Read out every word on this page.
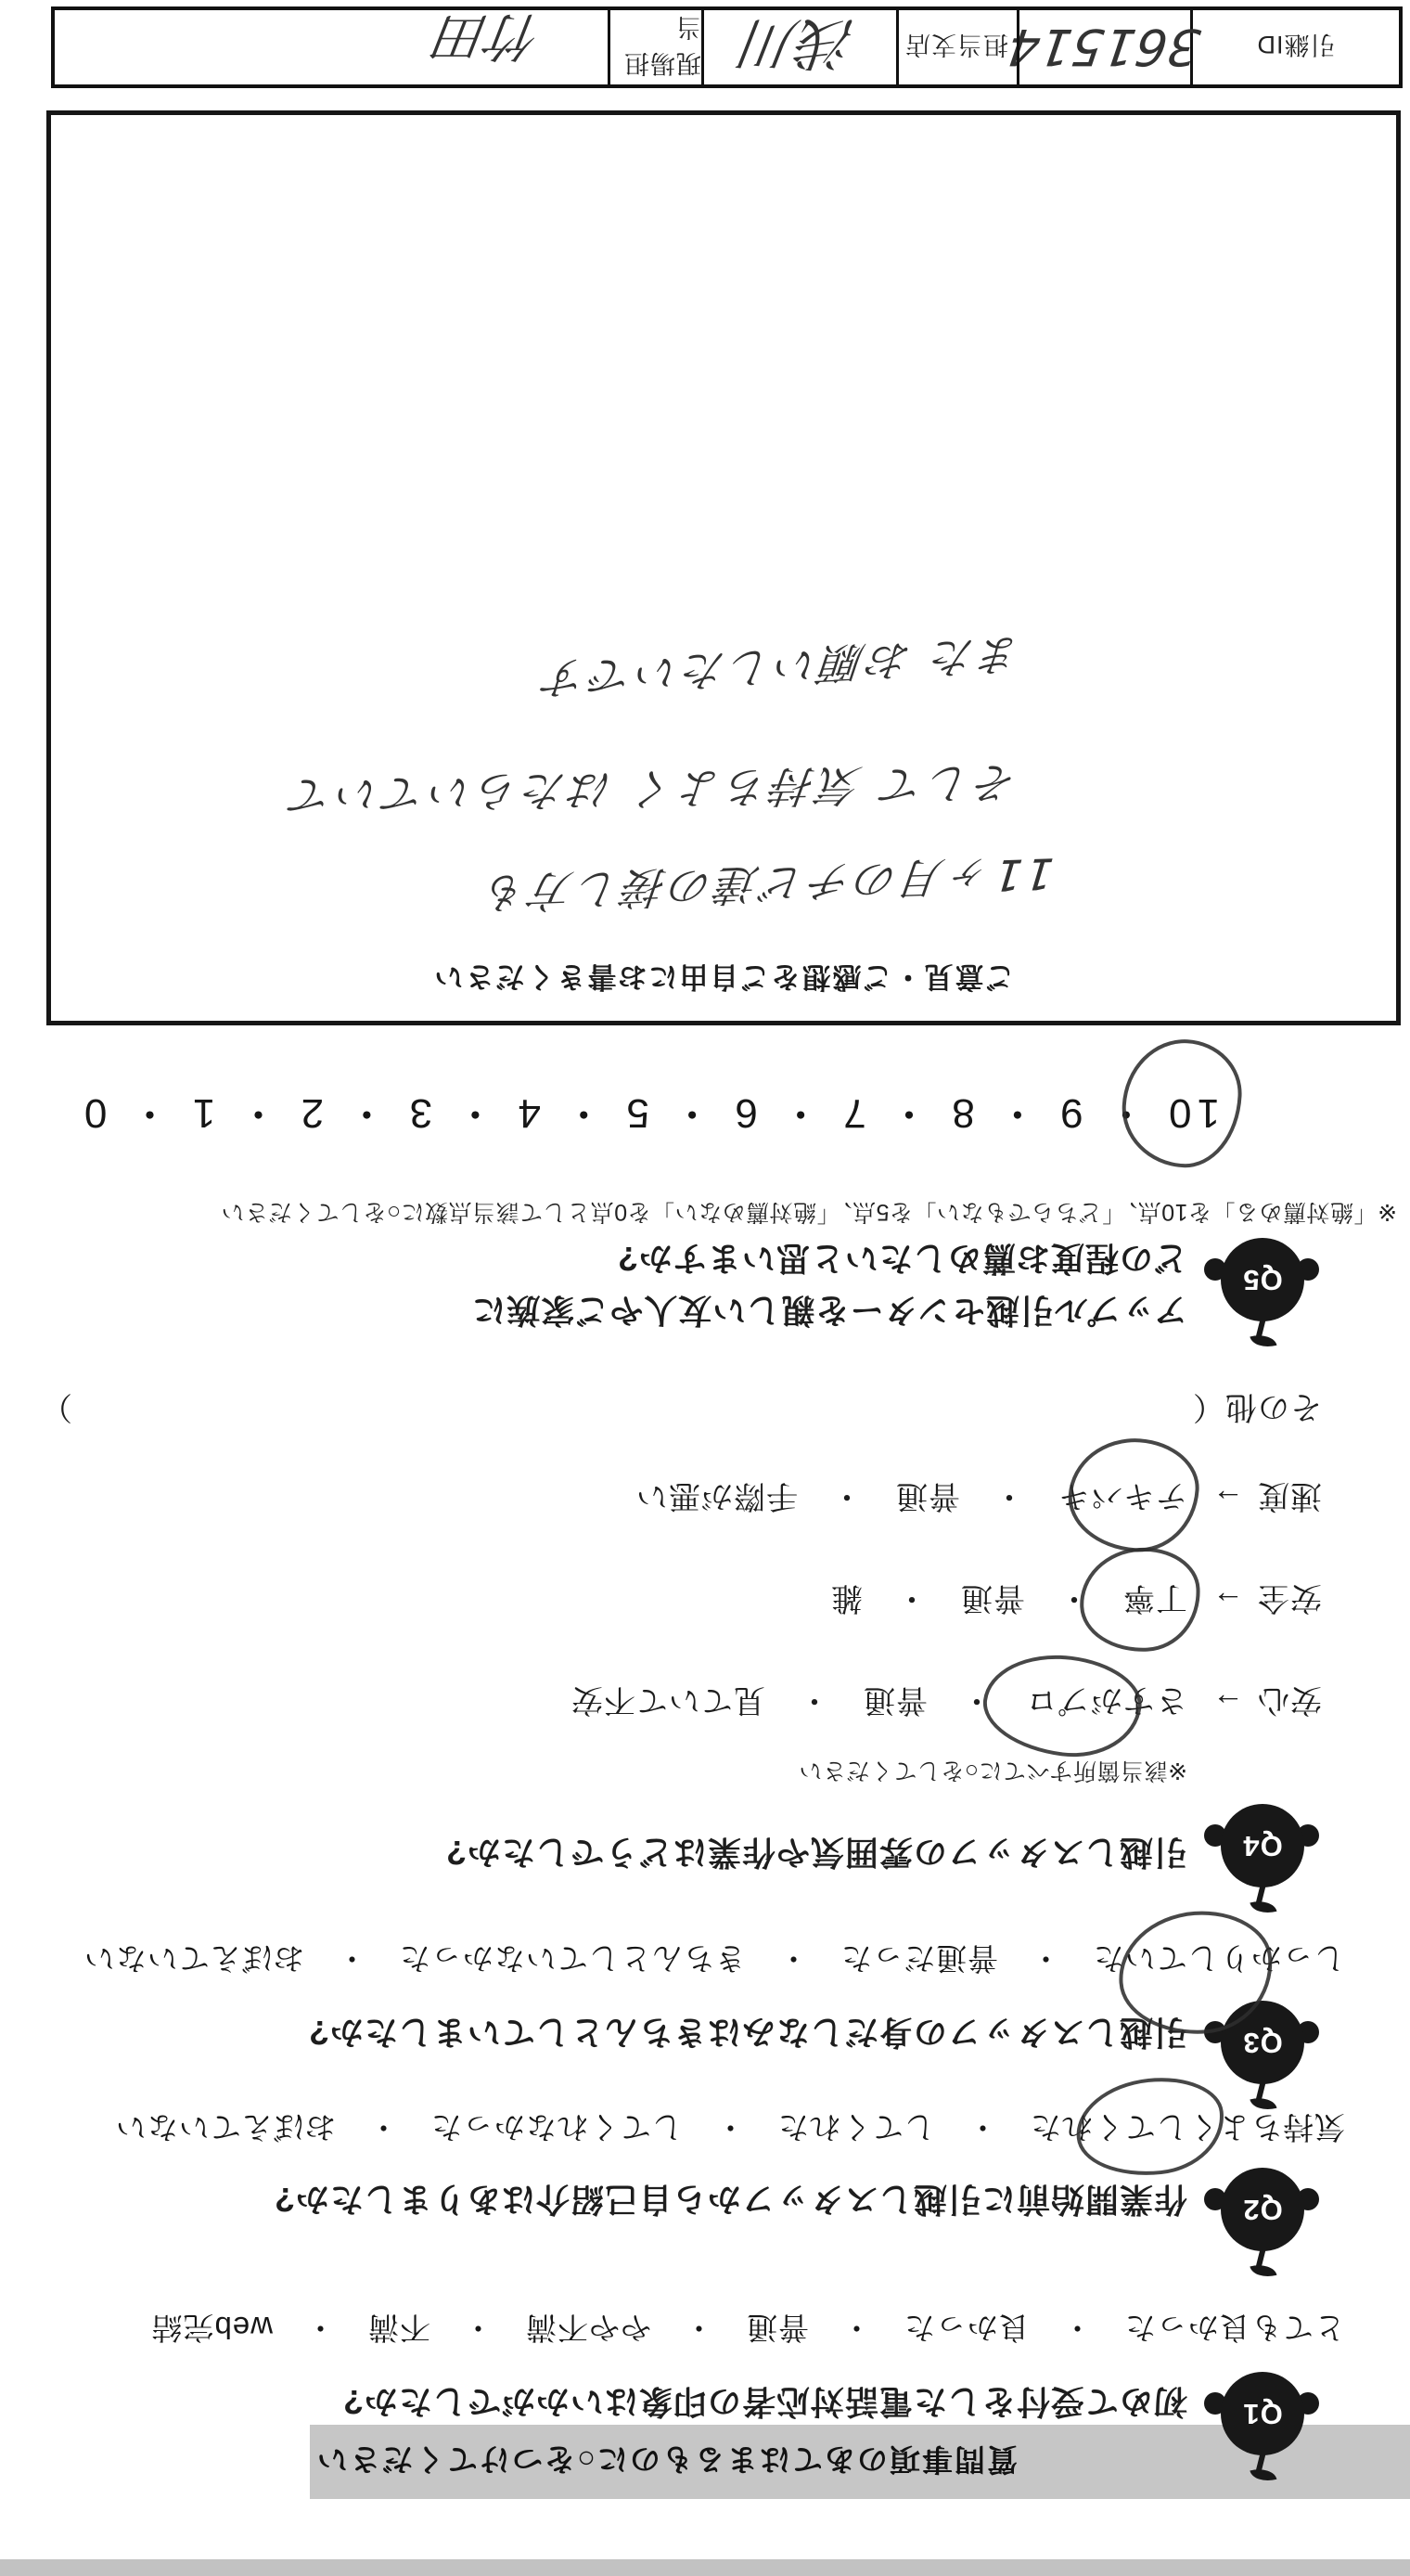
質問事項のあてはまるものに○をつけてください
Q1
初めて受付をした電話対応者の印象はいかがでしたか?
とても良かった　・　良かった　・　普通　・　やや不満　・　不満　・　web完結
Q2
作業開始前に引越しスタッフから自己紹介はありましたか?
気持ちよくしてくれた　・　してくれた　・　してくれなかった　・　おぼえていない
Q3
引越しスタッフの身だしなみはきちんとしていましたか?
しっかりしていた　・　普通だった　・　きちんとしていなかった　・　おぼえていない
Q4
引越しスタッフの雰囲気や作業はどうでしたか?
※該当箇所すべてに○をしてください
安心
→
さすがプロ　・　普通　・　見ていて不安
安全
→
丁寧　・　普通　・　雑
速度
→
テキパキ　・　普通　・　手際が悪い
その他
（
）
Q5
アップル引越センターを親しい友人やご家族に
どの程度お薦めしたいと思いますか?
※「絶対薦める」を10点、「どちらでもない」を5点、「絶対薦めない」を0点として該当点数に○をしてください
10 ・ 9 ・ 8 ・ 7 ・ 6 ・ 5 ・ 4 ・ 3 ・ 2 ・ 1 ・ 0
ご意見・ご感想をご自由にお書きください
11ヶ月のチビ達の接し方も
そして 気持ちよく はたらいていて
また お願いしたいです
引継ID
361514
担当支店
浅川
現場担当
竹田
